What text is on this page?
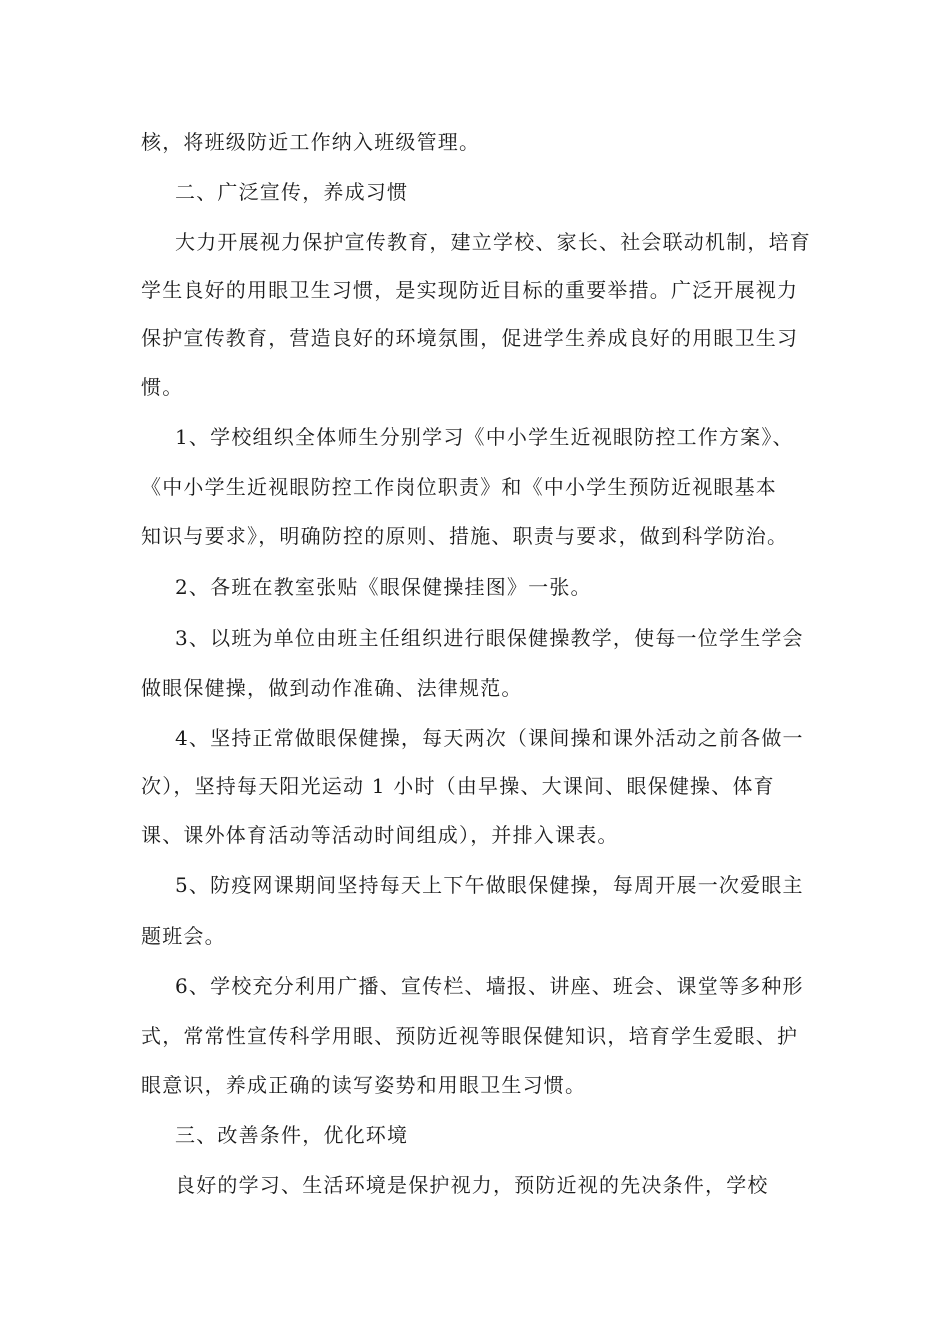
核，将班级防近工作纳入班级管理。
二、广泛宣传，养成习惯
大力开展视力保护宣传教育，建立学校、家长、社会联动机制，培育
学生良好的用眼卫生习惯，是实现防近目标的重要举措。广泛开展视力
保护宣传教育，营造良好的环境氛围，促进学生养成良好的用眼卫生习
惯。
1、学校组织全体师生分别学习《中小学生近视眼防控工作方案》、
《中小学生近视眼防控工作岗位职责》和《中小学生预防近视眼基本
知识与要求》，明确防控的原则、措施、职责与要求，做到科学防治。
2、各班在教室张贴《眼保健操挂图》一张。
3、以班为单位由班主任组织进行眼保健操教学，使每一位学生学会
做眼保健操，做到动作准确、法律规范。
4、坚持正常做眼保健操，每天两次（课间操和课外活动之前各做一
次），坚持每天阳光运动 1 小时（由早操、大课间、眼保健操、体育
课、课外体育活动等活动时间组成），并排入课表。
5、防疫网课期间坚持每天上下午做眼保健操，每周开展一次爱眼主
题班会。
6、学校充分利用广播、宣传栏、墙报、讲座、班会、课堂等多种形
式，常常性宣传科学用眼、预防近视等眼保健知识，培育学生爱眼、护
眼意识，养成正确的读写姿势和用眼卫生习惯。
三、改善条件，优化环境
良好的学习、生活环境是保护视力，预防近视的先决条件，学校
